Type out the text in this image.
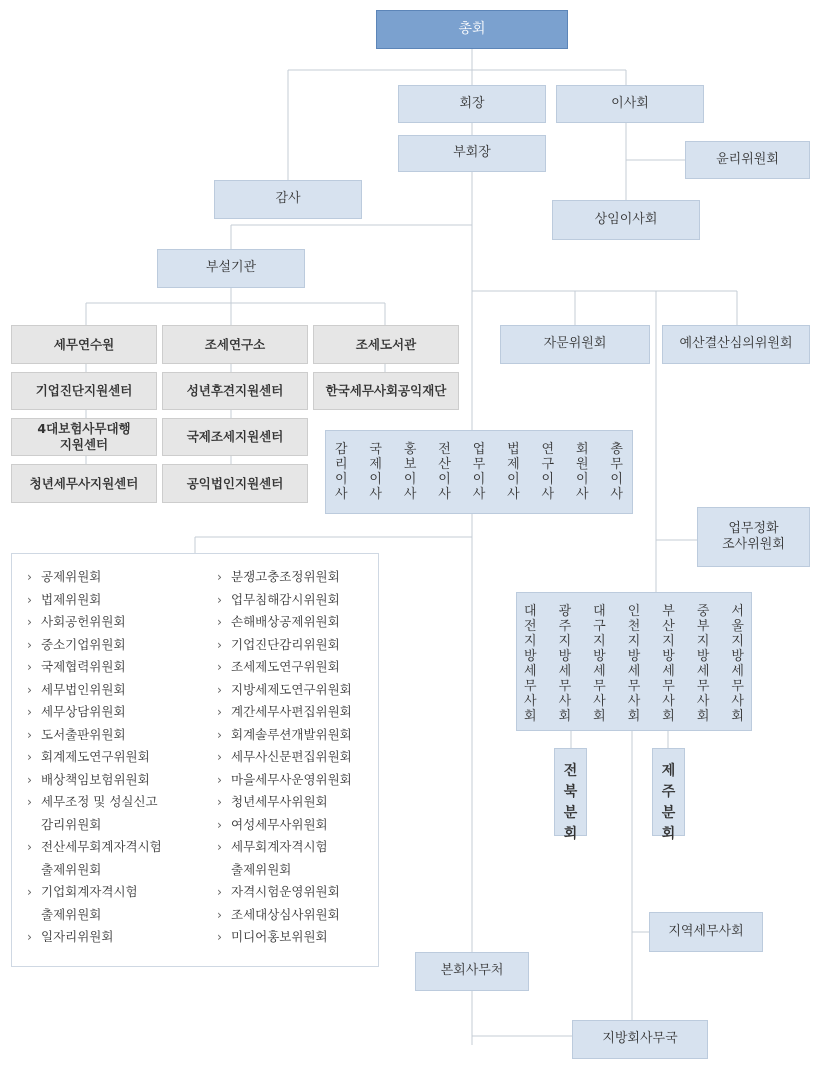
총회
회장	이사회
부회장	윤리위원회
감사
상임이사회
부설기관
세무연수원
기업진단지원센터
4대보험사무대행
지원센터
청년세무사지원센터
조세연구소
성년후견지원센터
국제조세지원센터
공익법인지원센터
조세도서관
한국세무사회공익재단
자문위원회	예산결산심의위원회
감
리
이
사
국
제
이
사
홍
보
이
사
전
산
이
사
업
무
이
사
법
제
이
사
연
구
이
사
회
원
이
사
총
무
이
사
업무정화
조사위원회
› 공제위원회
› 법제위원회
› 사회공헌위원회
› 중소기업위원회
› 국제협력위원회
› 세무법인위원회
› 세무상담위원회
› 도서출판위원회
› 회계제도연구위원회
› 배상책임보험위원회
› 세무조정 및 성실신고
감리위원회
› 전산세무회계자격시험
출제위원회
› 기업회계자격시험
출제위원회
› 일자리위원회
› 분쟁고충조정위원회
› 업무침해감시위원회
› 손해배상공제위원회
› 기업진단감리위원회
› 조세제도연구위원회
› 지방세제도연구위원회
› 계간세무사편집위원회
› 회계솔루션개발위원회
› 세무사신문편집위원회
› 마을세무사운영위원회
› 청년세무사위원회
› 여성세무사위원회
› 세무회계자격시험
출제위원회
› 자격시험운영위원회
› 조세대상심사위원회
› 미디어홍보위원회
대
전
지
방
세
무
사
회
광
주
지
방
세
무
사
회
대
구
지
방
세
무
사
회
인
천
지
방
세
무
사
회
부
산
지
방
세
무
사
회
중
부
지
방
세
무
사
회
서
울
지
방
세
무
사
회
전
북
분
회
제
주
분
회
지역세무사회
본회사무처
지방회사무국
